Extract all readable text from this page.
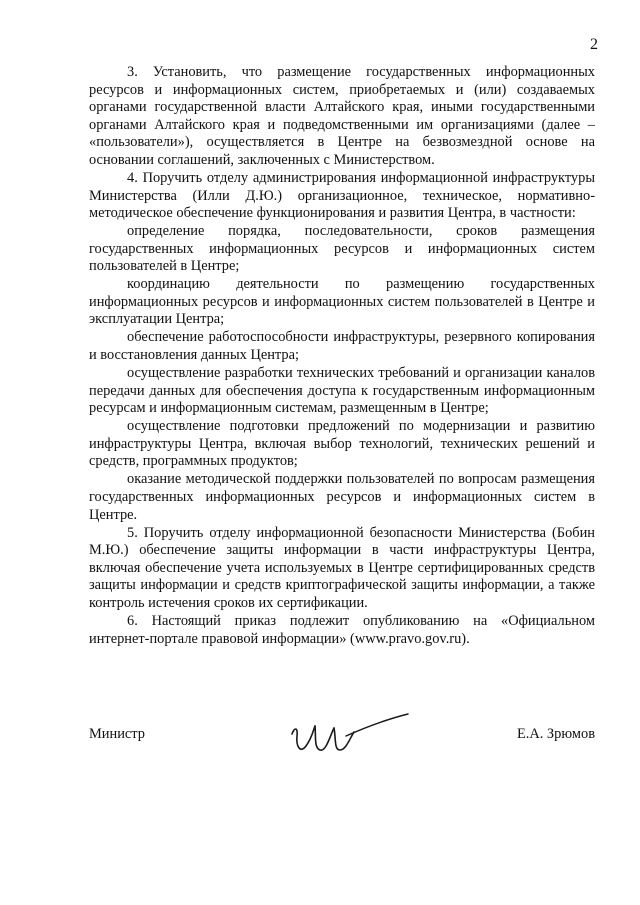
2

3. Установить, что размещение государственных информационных ресурсов и информационных систем, приобретаемых и (или) создаваемых органами государственной власти Алтайского края, иными государственными органами Алтайского края и подведомственными им организациями (далее – «пользователи»), осуществляется в Центре на безвозмездной основе на основании соглашений, заключенных с Министерством.

4. Поручить отделу администрирования информационной инфраструктуры Министерства (Илли Д.Ю.) организационное, техническое, нормативно-методическое обеспечение функционирования и развития Центра, в частности:

определение порядка, последовательности, сроков размещения государственных информационных ресурсов и информационных систем пользователей в Центре;

координацию деятельности по размещению государственных информационных ресурсов и информационных систем пользователей в Центре и эксплуатации Центра;

обеспечение работоспособности инфраструктуры, резервного копирования и восстановления данных Центра;

осуществление разработки технических требований и организации каналов передачи данных для обеспечения доступа к государственным информационным ресурсам и информационным системам, размещенным в Центре;

осуществление подготовки предложений по модернизации и развитию инфраструктуры Центра, включая выбор технологий, технических решений и средств, программных продуктов;

оказание методической поддержки пользователей по вопросам размещения государственных информационных ресурсов и информационных систем в Центре.

5. Поручить отделу информационной безопасности Министерства (Бобин М.Ю.) обеспечение защиты информации в части инфраструктуры Центра, включая обеспечение учета используемых в Центре сертифицированных средств защиты информации и средств криптографической защиты информации, а также контроль истечения сроков их сертификации.

6. Настоящий приказ подлежит опубликованию на «Официальном интернет-портале правовой информации» (www.pravo.gov.ru).

Министр	Е.А. Зрюмов
